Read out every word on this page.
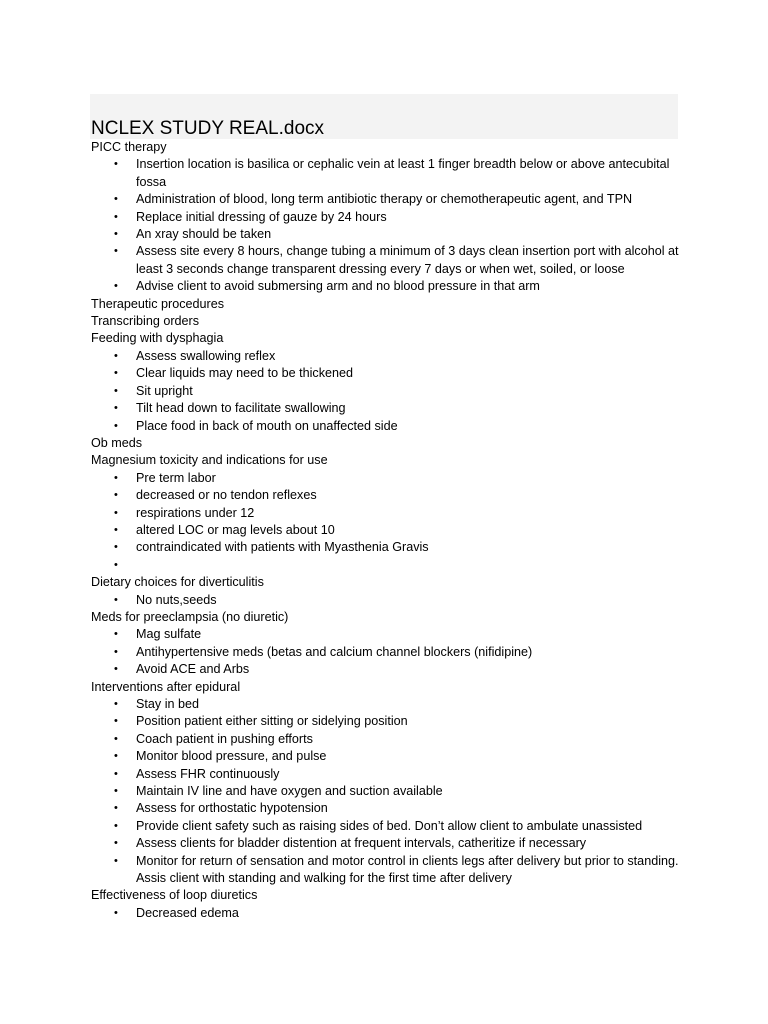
NCLEX STUDY REAL.docx
PICC therapy
• Insertion location is basilica or cephalic vein at least 1 finger breadth below or above antecubital fossa
• Administration of blood, long term antibiotic therapy or chemotherapeutic agent, and TPN
• Replace initial dressing of gauze by 24 hours
• An xray should be taken
• Assess site every 8 hours, change tubing a minimum of 3 days clean insertion port with alcohol at least 3 seconds change transparent dressing every 7 days or when wet, soiled, or loose
• Advise client to avoid submersing arm and no blood pressure in that arm
Therapeutic procedures
Transcribing orders
Feeding with dysphagia
• Assess swallowing reflex
• Clear liquids may need to be thickened
• Sit upright
• Tilt head down to facilitate swallowing
• Place food in back of mouth on unaffected side
Ob meds
Magnesium toxicity and indications for use
• Pre term labor
• decreased or no tendon reflexes
• respirations under 12
• altered LOC or mag levels about 10
• contraindicated with patients with Myasthenia Gravis
•

Dietary choices for diverticulitis
• No nuts,seeds
Meds for preeclampsia (no diuretic)
• Mag sulfate
• Antihypertensive meds (betas and calcium channel blockers (nifidipine)
• Avoid ACE and Arbs
Interventions after epidural
• Stay in bed
• Position patient either sitting or sidelying position
• Coach patient in pushing efforts
• Monitor blood pressure, and pulse
• Assess FHR continuously
• Maintain IV line and have oxygen and suction available
• Assess for orthostatic hypotension
• Provide client safety such as raising sides of bed. Don’t allow client to ambulate unassisted
• Assess clients for bladder distention at frequent intervals, catheritize if necessary
• Monitor for return of sensation and motor control in clients legs after delivery but prior to standing. Assis client with standing and walking for the first time after delivery
Effectiveness of loop diuretics
• Decreased edema
